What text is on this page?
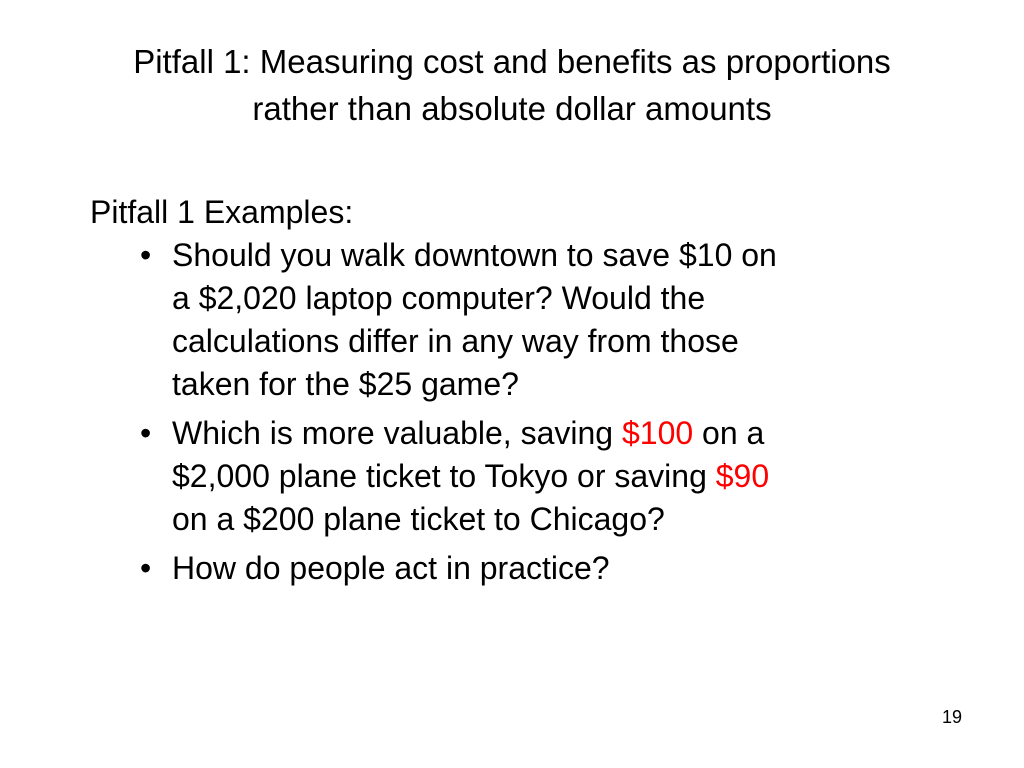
Pitfall 1: Measuring cost and benefits as proportions
rather than absolute dollar amounts
Pitfall 1 Examples:
• Should you walk downtown to save $10 on
a $2,020 laptop computer? Would the
calculations differ in any way from those
taken for the $25 game?
• Which is more valuable, saving $100 on a
$2,000 plane ticket to Tokyo or saving $90
on a $200 plane ticket to Chicago?
• How do people act in practice?
19
